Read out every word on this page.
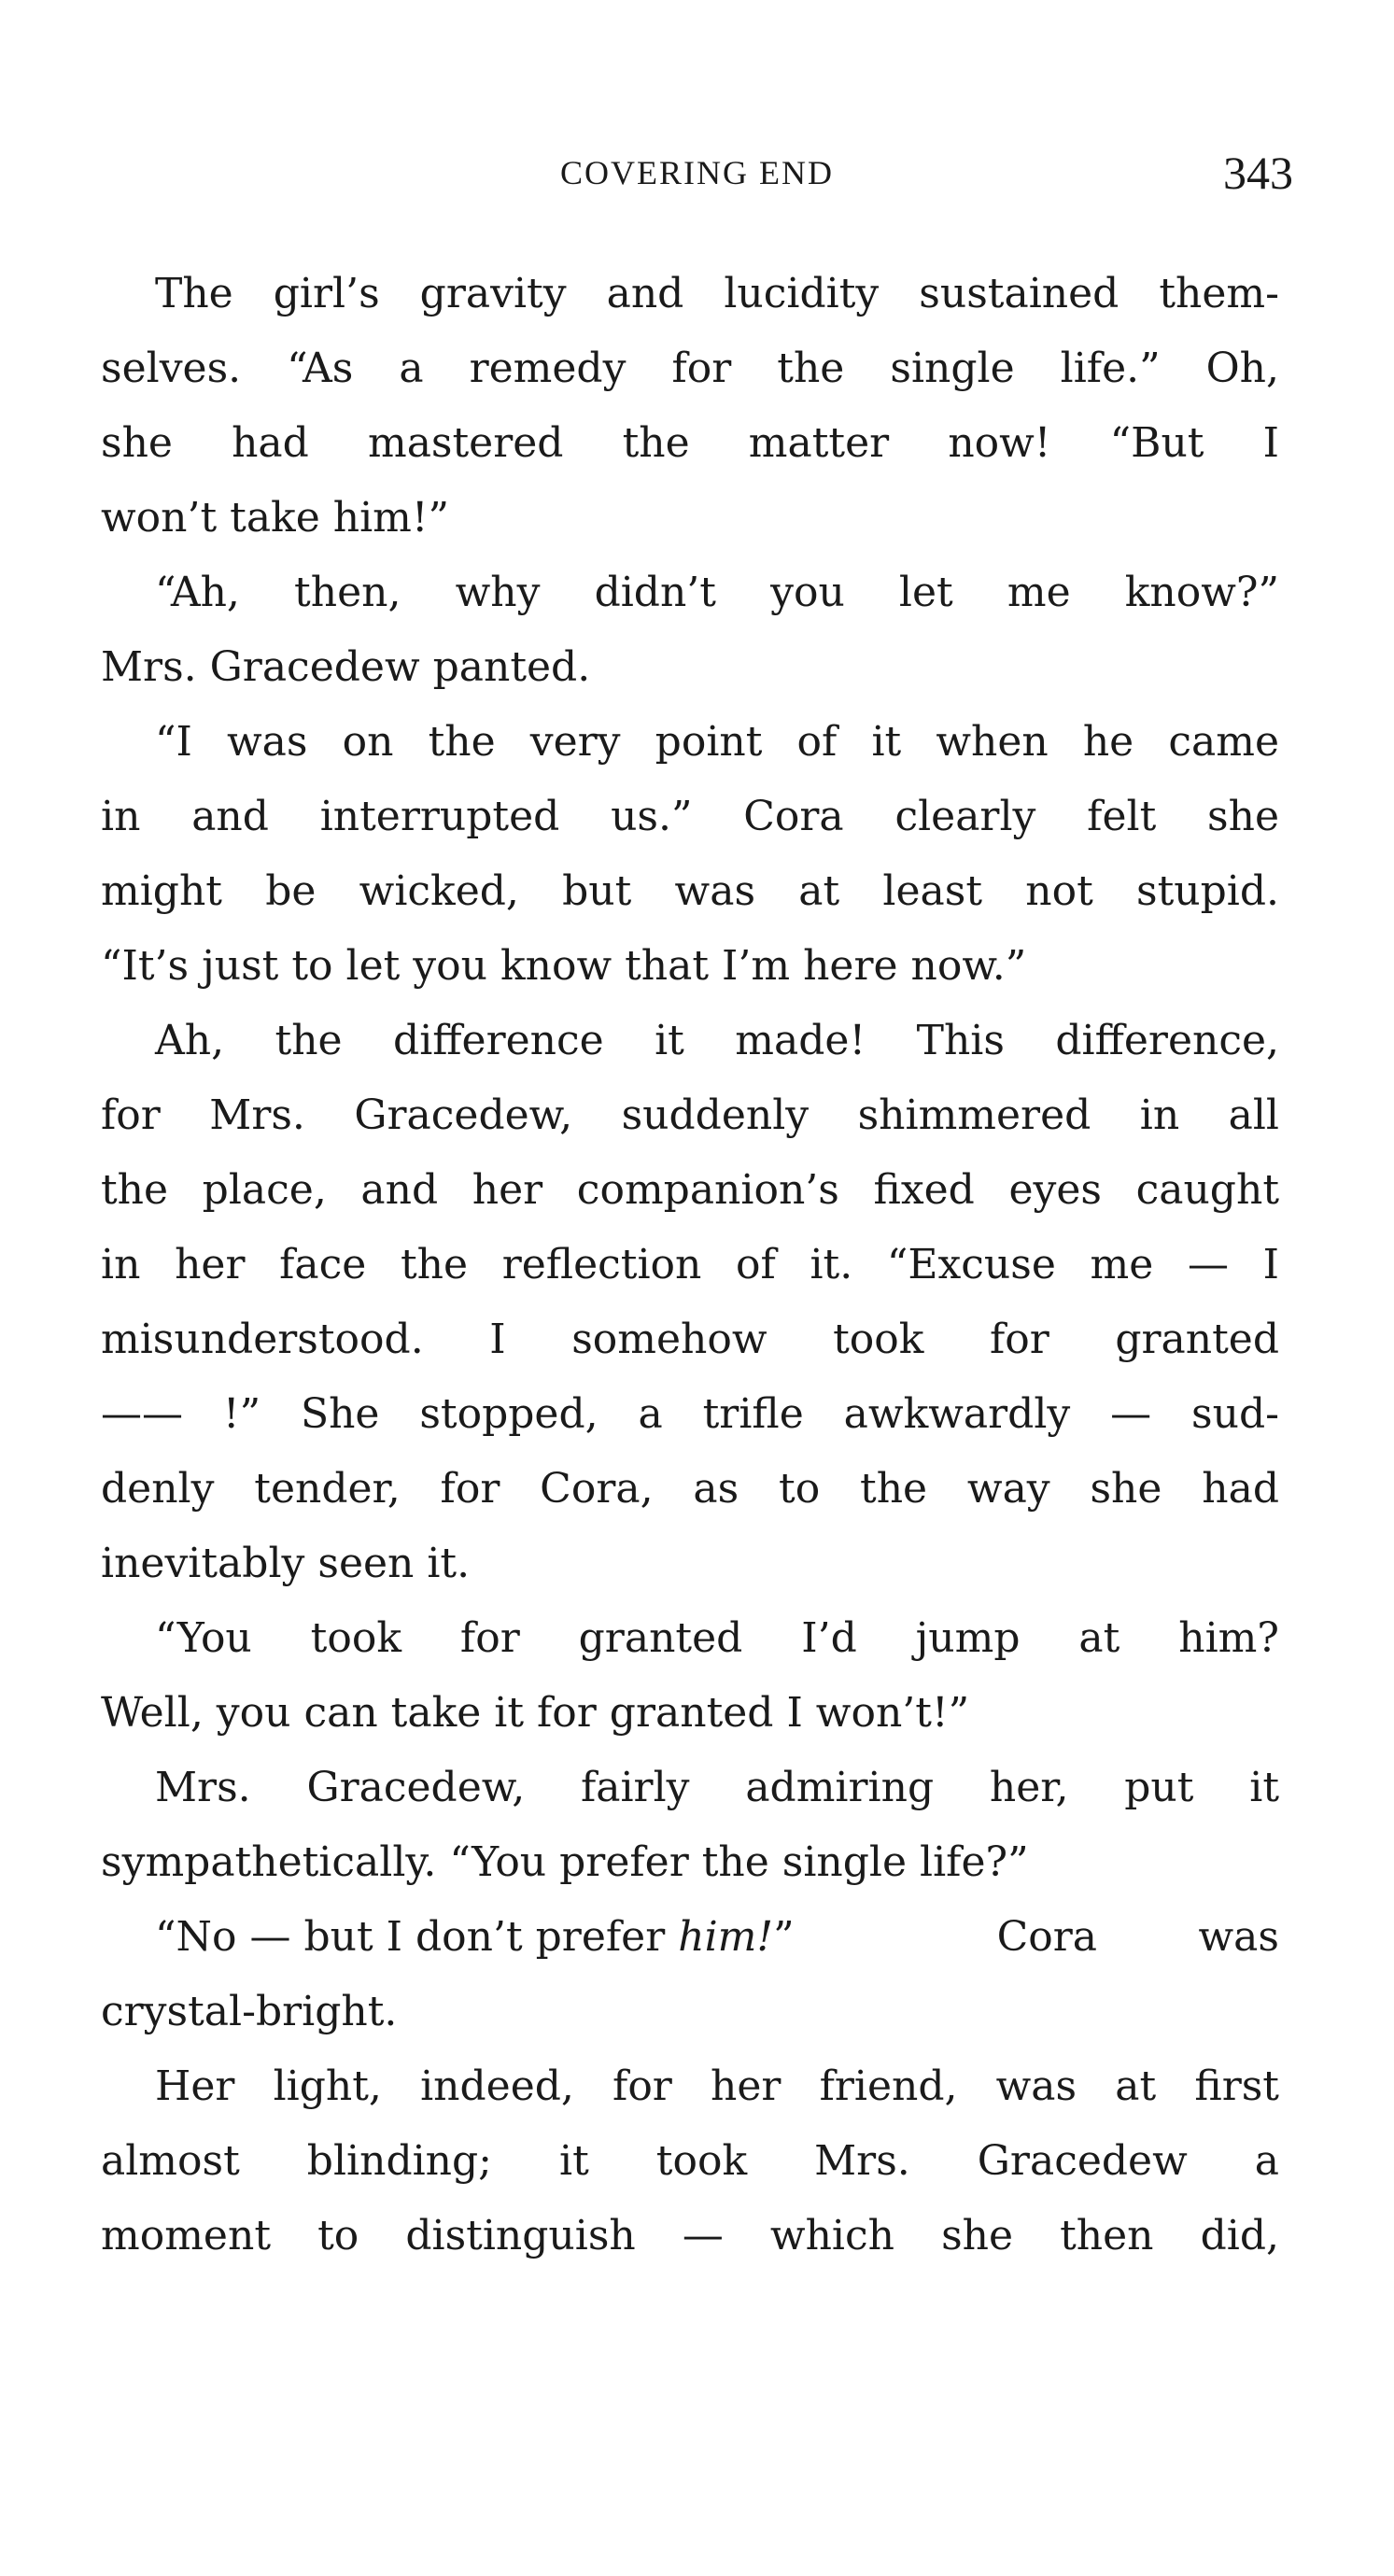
COVERING END	343
The girl’s gravity and lucidity sustained them-
selves. “As a remedy for the single life.” Oh,
she had mastered the matter now! “But I
won’t take him!”
“Ah, then, why didn’t you let me know?”
Mrs. Gracedew panted.
“I was on the very point of it when he came
in and interrupted us.” Cora clearly felt she
might be wicked, but was at least not stupid.
“It’s just to let you know that I’m here now.”
Ah, the difference it made! This difference,
for Mrs. Gracedew, suddenly shimmered in all
the place, and her companion’s fixed eyes caught
in her face the reflection of it. “Excuse me — I
misunderstood. I somehow took for granted
—— !” She stopped, a trifle awkwardly — sud-
denly tender, for Cora, as to the way she had
inevitably seen it.
“You took for granted I’d jump at him?
Well, you can take it for granted I won’t!”
Mrs. Gracedew, fairly admiring her, put it
sympathetically. “You prefer the single life?”
“No — but I don’t prefer him! ”  Cora was
crystal-bright.
Her light, indeed, for her friend, was at first
almost blinding; it took Mrs. Gracedew a
moment to distinguish — which she then did,
